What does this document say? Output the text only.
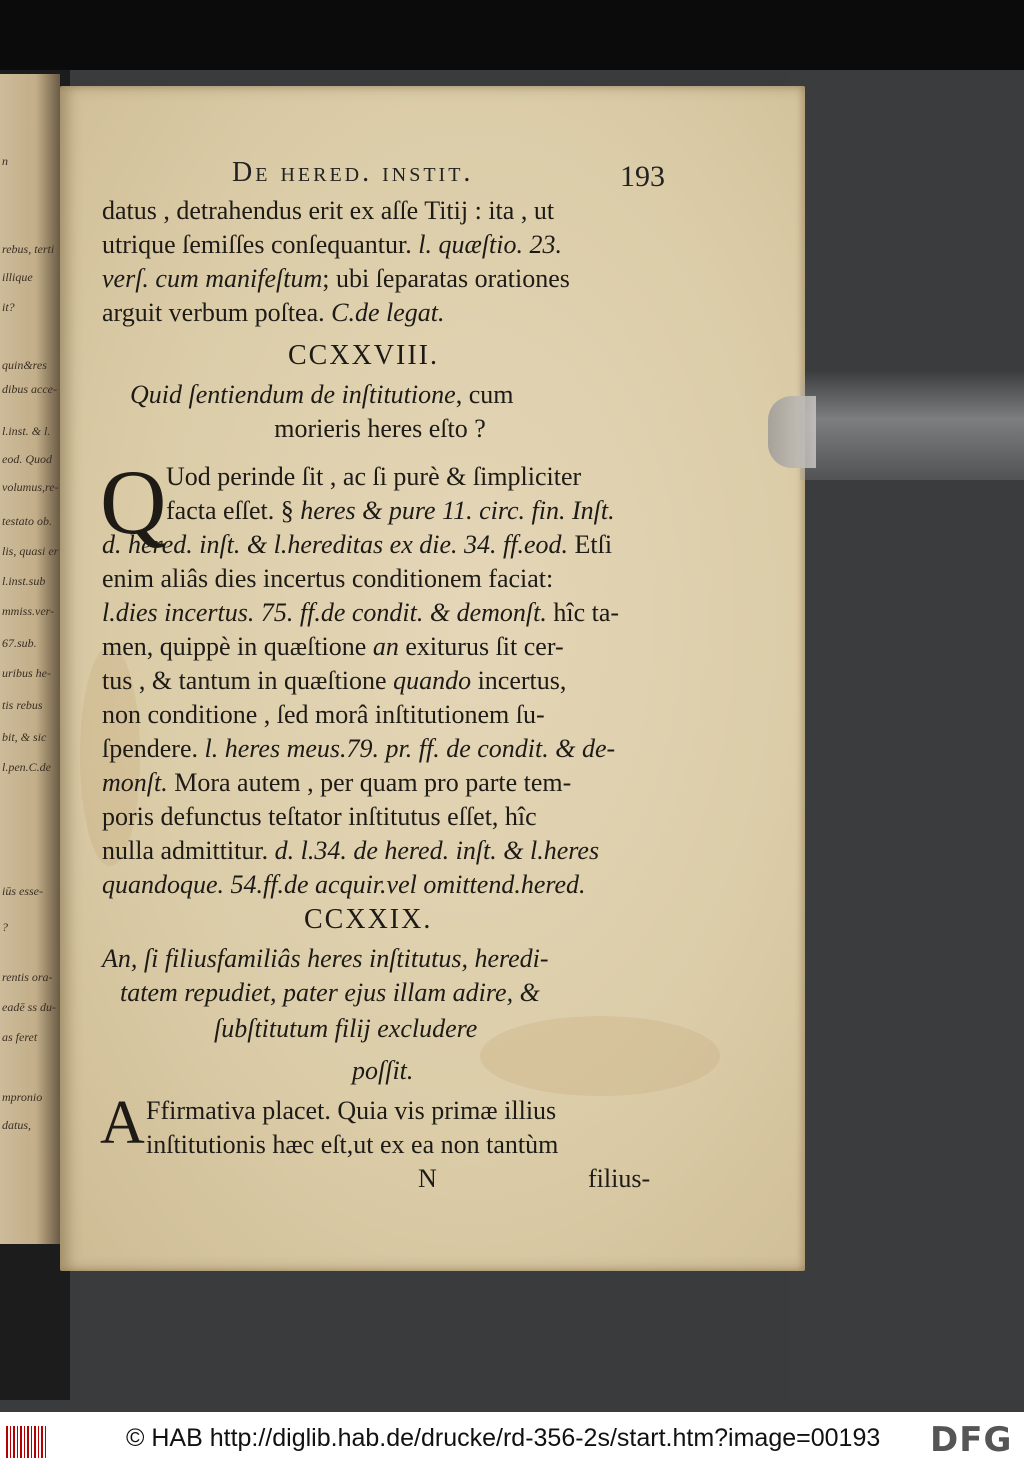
n
rebus, terti
illique
it?
quin&res
dibus acce-
l.inst. & l.
eod. Quod
volumus,re-
testato ob.
lis, quasi er
l.inst.sub
mmiss.ver-
67.sub.
uribus he-
tis rebus
bit, & sic
l.pen.C.de
iūs esse-
?
rentis ora-
eadē ss du-
as feret
mpronio
datus,
De hered. instit.	193
datus , detrahendus erit ex aſſe Titij : ita , ut
utrique ſemiſſes conſequantur. l. quæſtio. 23.
verſ. cum manifeſtum; ubi ſeparatas orationes
arguit verbum poſtea. C.de legat.
CCXXVIII.
Quid ſentiendum de inſtitutione, cum
morieris heres eſto ?
Q Uod perinde ſit , ac ſi purè & ſimpliciter
facta eſſet. § heres & pure 11. circ. fin. Inſt.
d. hered. inſt. & l.hereditas ex die. 34. ff.eod. Etſi
enim aliâs dies incertus conditionem faciat:
l.dies incertus. 75. ff.de condit. & demonſt. hîc ta-
men, quippè in quæſtione an exiturus ſit cer-
tus , & tantum in quæſtione quando incertus,
non conditione , ſed morâ inſtitutionem ſu-
ſpendere. l. heres meus.79. pr. ff. de condit. & de-
monſt. Mora autem , per quam pro parte tem-
poris defunctus teſtator inſtitutus eſſet, hîc
nulla admittitur. d. l.34. de hered. inſt. & l.heres
quandoque. 54.ff.de acquir.vel omittend.hered.
CCXXIX.
An, ſi filiusfamiliâs heres inſtitutus, heredi-
tatem repudiet, pater ejus illam adire, &
ſubſtitutum filij excludere
poſſit.
A Ffirmativa placet. Quia vis primæ illius
inſtitutionis hæc eſt,ut ex ea non tantùm
N	filius-
© HAB http://diglib.hab.de/drucke/rd-356-2s/start.htm?image=00193 DFG
